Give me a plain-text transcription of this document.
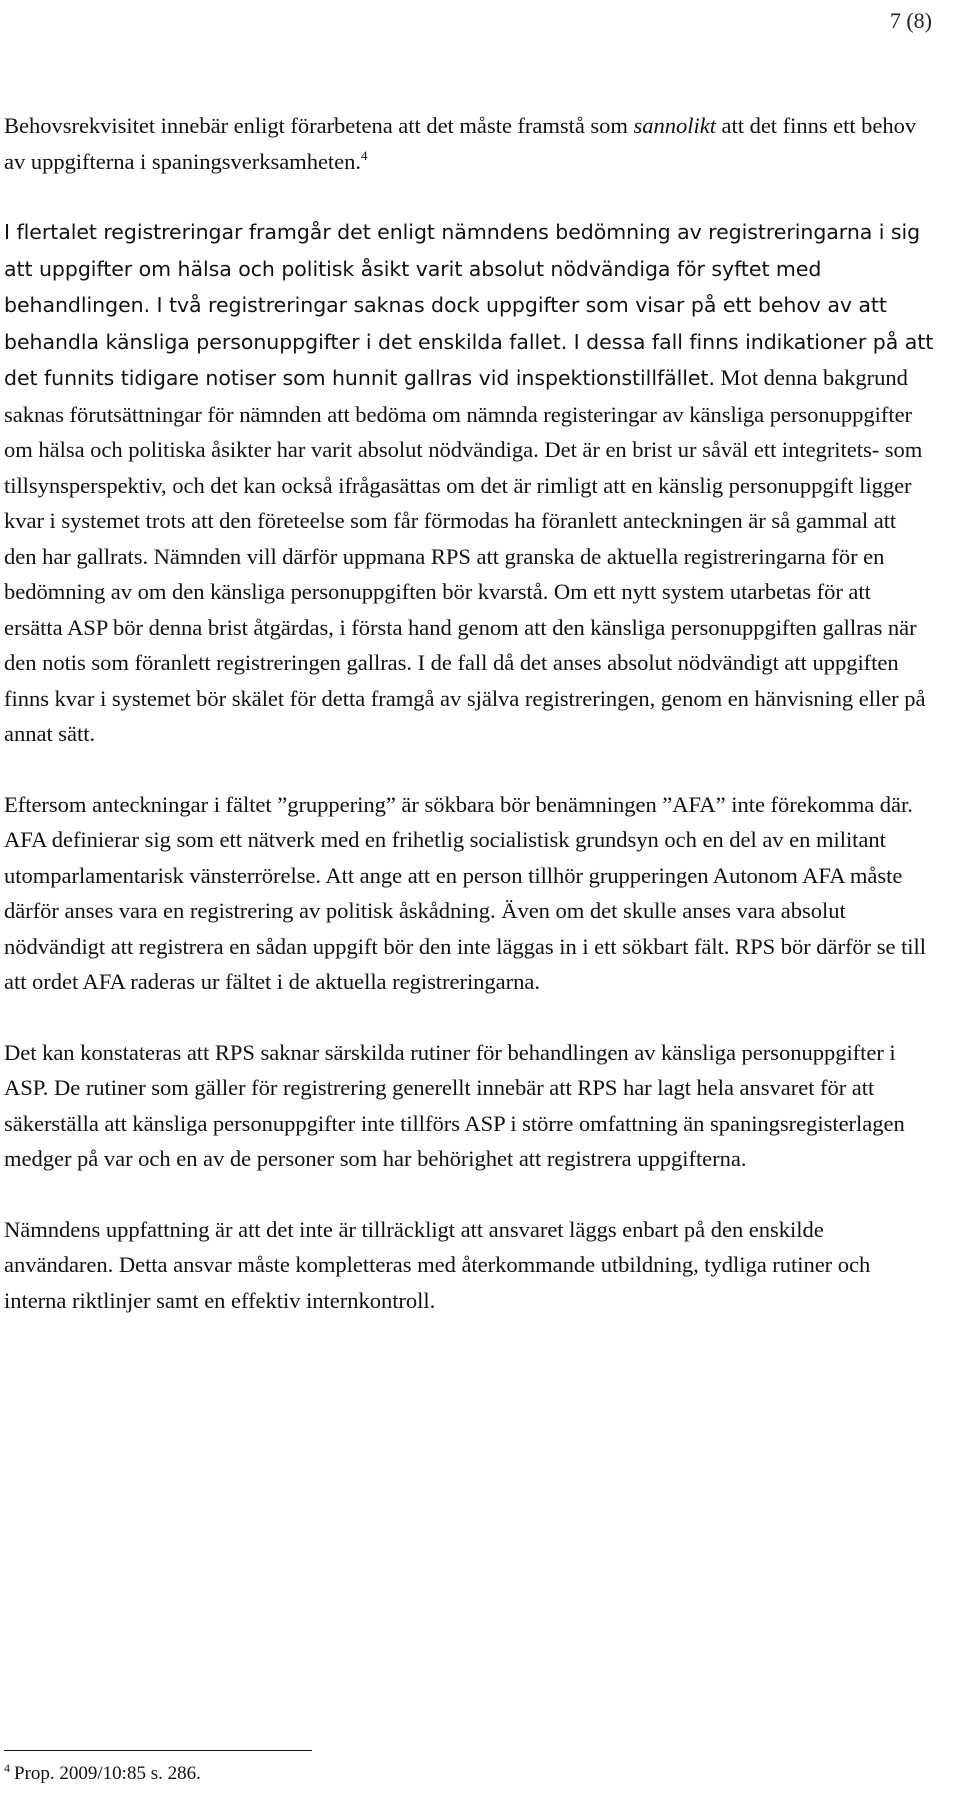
7 (8)

Behovsrekvisitet innebär enligt förarbetena att det måste framstå som sannolikt att det finns ett behov av uppgifterna i spaningsverksamheten.$^4$

I flertalet registreringar framgår det enligt nämndens bedömning av registreringarna i sig att uppgifter om hälsa och politisk åsikt varit absolut nödvändiga för syftet med behandlingen. I två registreringar saknas dock uppgifter som visar på ett behov av att behandla känsliga personuppgifter i det enskilda fallet. I dessa fall finns indikationer på att det funnits tidigare notiser som hunnit gallras vid inspektionstillfället. Mot denna bakgrund saknas förutsättningar för nämnden att bedöma om nämnda registeringar av känsliga personuppgifter om hälsa och politiska åsikter har varit absolut nödvändiga. Det är en brist ur såväl ett integritets- som tillsynsperspektiv, och det kan också ifrågasättas om det är rimligt att en känslig personuppgift ligger kvar i systemet trots att den företeelse som får förmodas ha föranlett anteckningen är så gammal att den har gallrats. Nämnden vill därför uppmana RPS att granska de aktuella registreringarna för en bedömning av om den känsliga personuppgiften bör kvarstå. Om ett nytt system utarbetas för att ersätta ASP bör denna brist åtgärdas, i första hand genom att den känsliga personuppgiften gallras när den notis som föranlett registreringen gallras. I de fall då det anses absolut nödvändigt att uppgiften finns kvar i systemet bör skälet för detta framgå av själva registreringen, genom en hänvisning eller på annat sätt.

Eftersom anteckningar i fältet ”gruppering” är sökbara bör benämningen ”AFA” inte förekomma där. AFA definierar sig som ett nätverk med en frihetlig socialistisk grundsyn och en del av en militant utomparlamentarisk vänsterrörelse. Att ange att en person tillhör grupperingen Autonom AFA måste därför anses vara en registrering av politisk åskådning. Även om det skulle anses vara absolut nödvändigt att registrera en sådan uppgift bör den inte läggas in i ett sökbart fält. RPS bör därför se till att ordet AFA raderas ur fältet i de aktuella registreringarna.

Det kan konstateras att RPS saknar särskilda rutiner för behandlingen av känsliga personuppgifter i ASP. De rutiner som gäller för registrering generellt innebär att RPS har lagt hela ansvaret för att säkerställa att känsliga personuppgifter inte tillförs ASP i större omfattning än spaningsregisterlagen medger på var och en av de personer som har behörighet att registrera uppgifterna.

Nämndens uppfattning är att det inte är tillräckligt att ansvaret läggs enbart på den enskilde användaren. Detta ansvar måste kompletteras med återkommande utbildning, tydliga rutiner och interna riktlinjer samt en effektiv internkontroll.

$^4$ Prop. 2009/10:85 s. 286.
